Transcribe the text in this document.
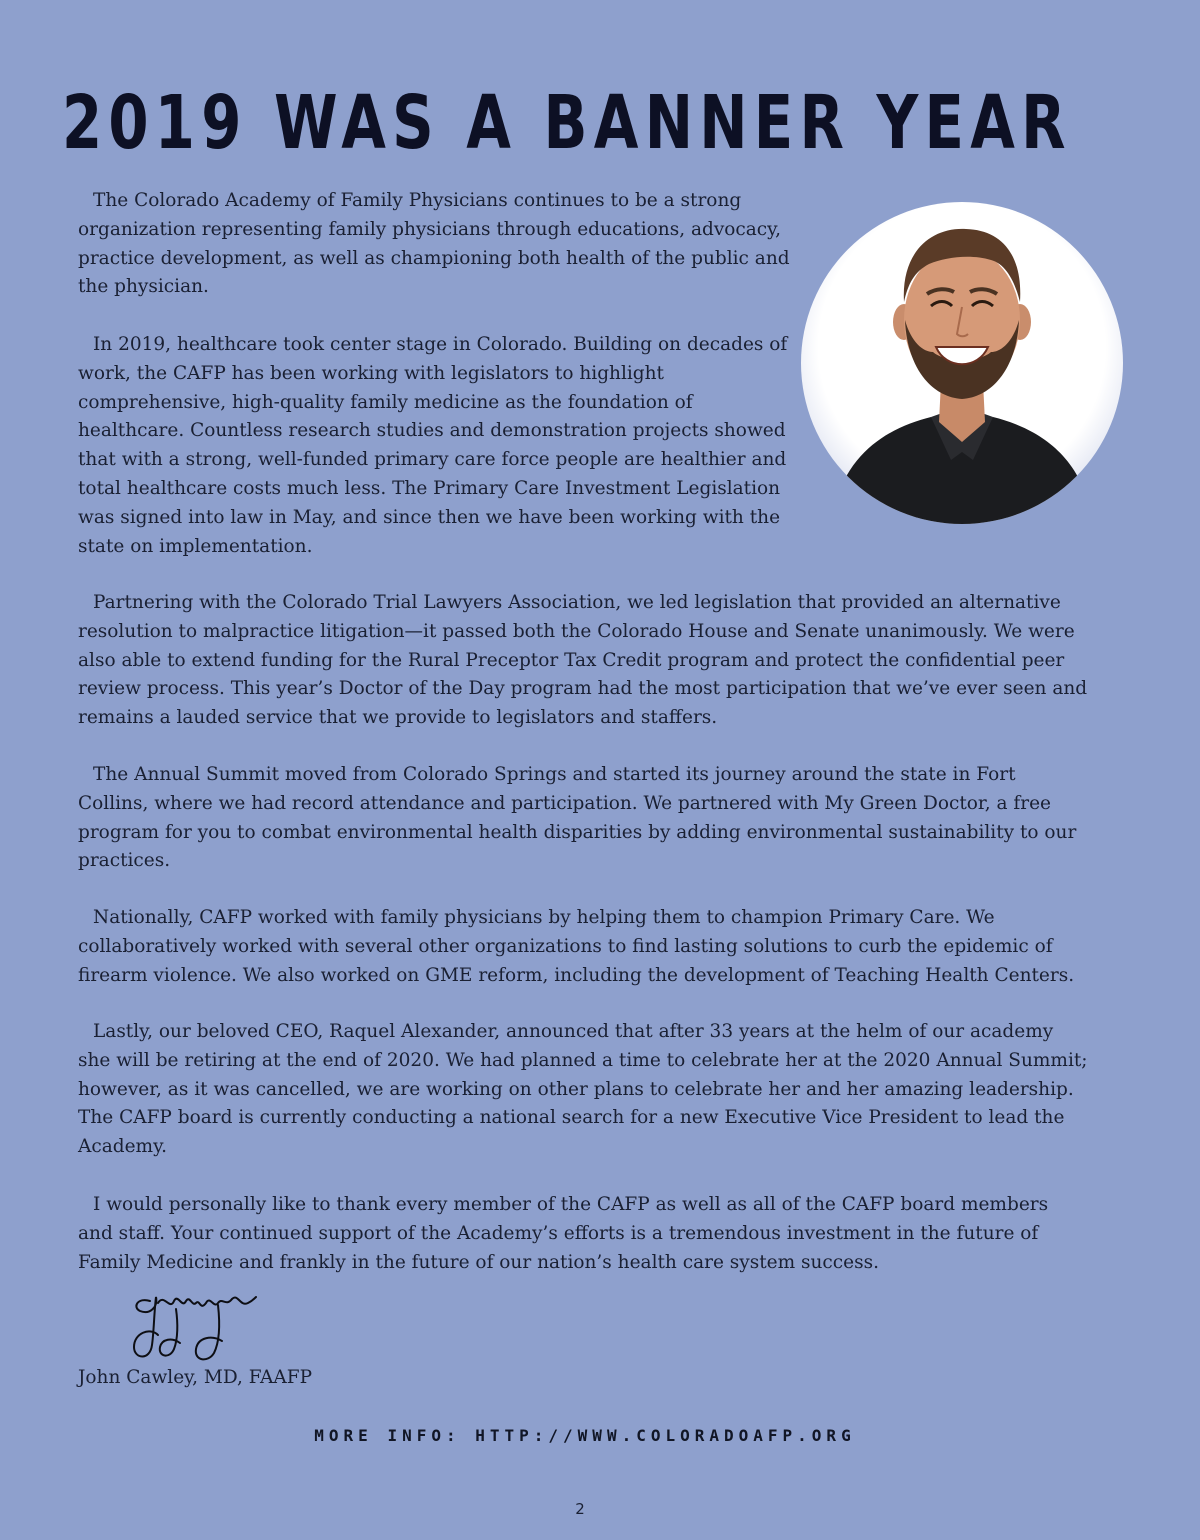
2019 WAS A BANNER YEAR

The Colorado Academy of Family Physicians continues to be a strong organization representing family physicians through educations, advocacy, practice development, as well as championing both health of the public and the physician.

In 2019, healthcare took center stage in Colorado. Building on decades of work, the CAFP has been working with legislators to highlight comprehensive, high-quality family medicine as the foundation of healthcare. Countless research studies and demonstration projects showed that with a strong, well-funded primary care force people are healthier and total healthcare costs much less. The Primary Care Investment Legislation was signed into law in May, and since then we have been working with the state on implementation.

Partnering with the Colorado Trial Lawyers Association, we led legislation that provided an alternative resolution to malpractice litigation—it passed both the Colorado House and Senate unanimously. We were also able to extend funding for the Rural Preceptor Tax Credit program and protect the confidential peer review process. This year’s Doctor of the Day program had the most participation that we’ve ever seen and remains a lauded service that we provide to legislators and staffers.

The Annual Summit moved from Colorado Springs and started its journey around the state in Fort Collins, where we had record attendance and participation. We partnered with My Green Doctor, a free program for you to combat environmental health disparities by adding environmental sustainability to our practices.

Nationally, CAFP worked with family physicians by helping them to champion Primary Care. We collaboratively worked with several other organizations to find lasting solutions to curb the epidemic of firearm violence. We also worked on GME reform, including the development of Teaching Health Centers.

Lastly, our beloved CEO, Raquel Alexander, announced that after 33 years at the helm of our academy she will be retiring at the end of 2020. We had planned a time to celebrate her at the 2020 Annual Summit; however, as it was cancelled, we are working on other plans to celebrate her and her amazing leadership. The CAFP board is currently conducting a national search for a new Executive Vice President to lead the Academy.

I would personally like to thank every member of the CAFP as well as all of the CAFP board members and staff. Your continued support of the Academy’s efforts is a tremendous investment in the future of Family Medicine and frankly in the future of our nation’s health care system success.

John Cawley, MD, FAAFP

MORE INFO: HTTP://WWW.COLORADOAFP.ORG
2
